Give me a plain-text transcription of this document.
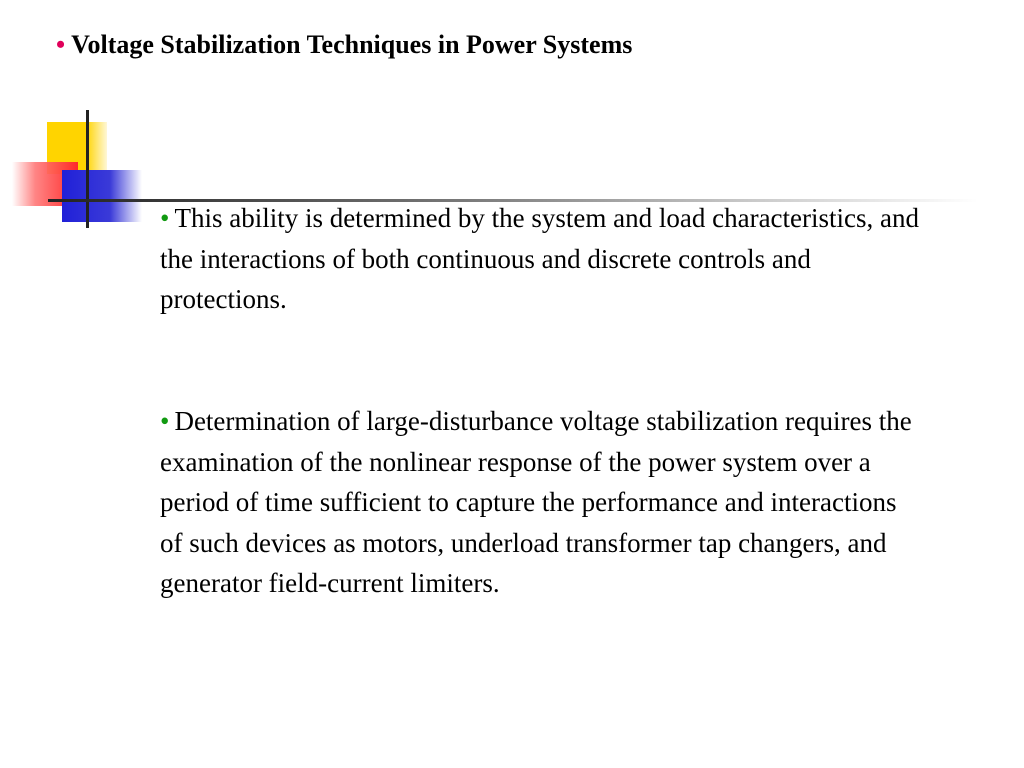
• Voltage Stabilization Techniques in Power Systems
• This ability is determined by the system and load characteristics, and the interactions of both continuous and discrete controls and protections.
• Determination of large-disturbance voltage stabilization requires the examination of the nonlinear response of the power system over a period of time sufficient to capture the performance and interactions of such devices as motors, underload transformer tap changers, and generator field-current limiters.
